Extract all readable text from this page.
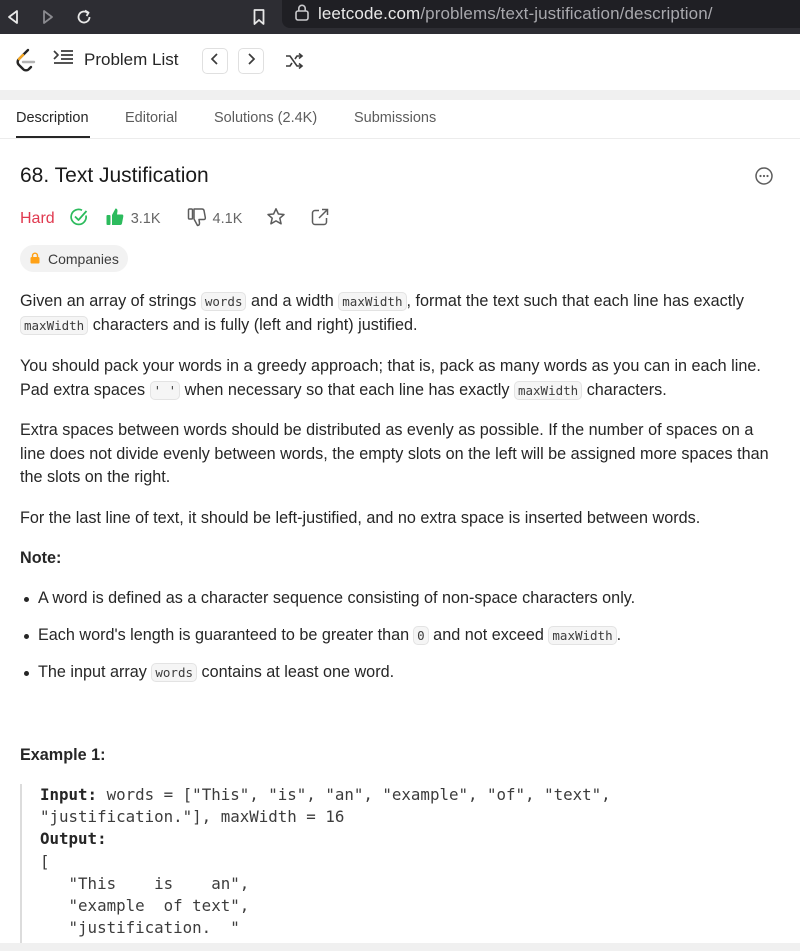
leetcode.com/problems/text-justification/description/
Problem List
Description	Editorial	Solutions (2.4K)	Submissions
68. Text Justification
Hard	3.1K	4.1K
Companies
Given an array of strings words and a width maxWidth , format the text such that each line has exactly maxWidth characters and is fully (left and right) justified.
You should pack your words in a greedy approach; that is, pack as many words as you can in each line. Pad extra spaces ' ' when necessary so that each line has exactly maxWidth characters.
Extra spaces between words should be distributed as evenly as possible. If the number of spaces on a line does not divide evenly between words, the empty slots on the left will be assigned more spaces than the slots on the right.
For the last line of text, it should be left-justified, and no extra space is inserted between words.
Note:
A word is defined as a character sequence consisting of non-space characters only.
Each word's length is guaranteed to be greater than 0 and not exceed maxWidth .
The input array words contains at least one word.
Example 1:
Input: words = ["This", "is", "an", "example", "of", "text",
"justification."], maxWidth = 16
Output:
[
"This    is    an",
"example  of text",
"justification.  "
